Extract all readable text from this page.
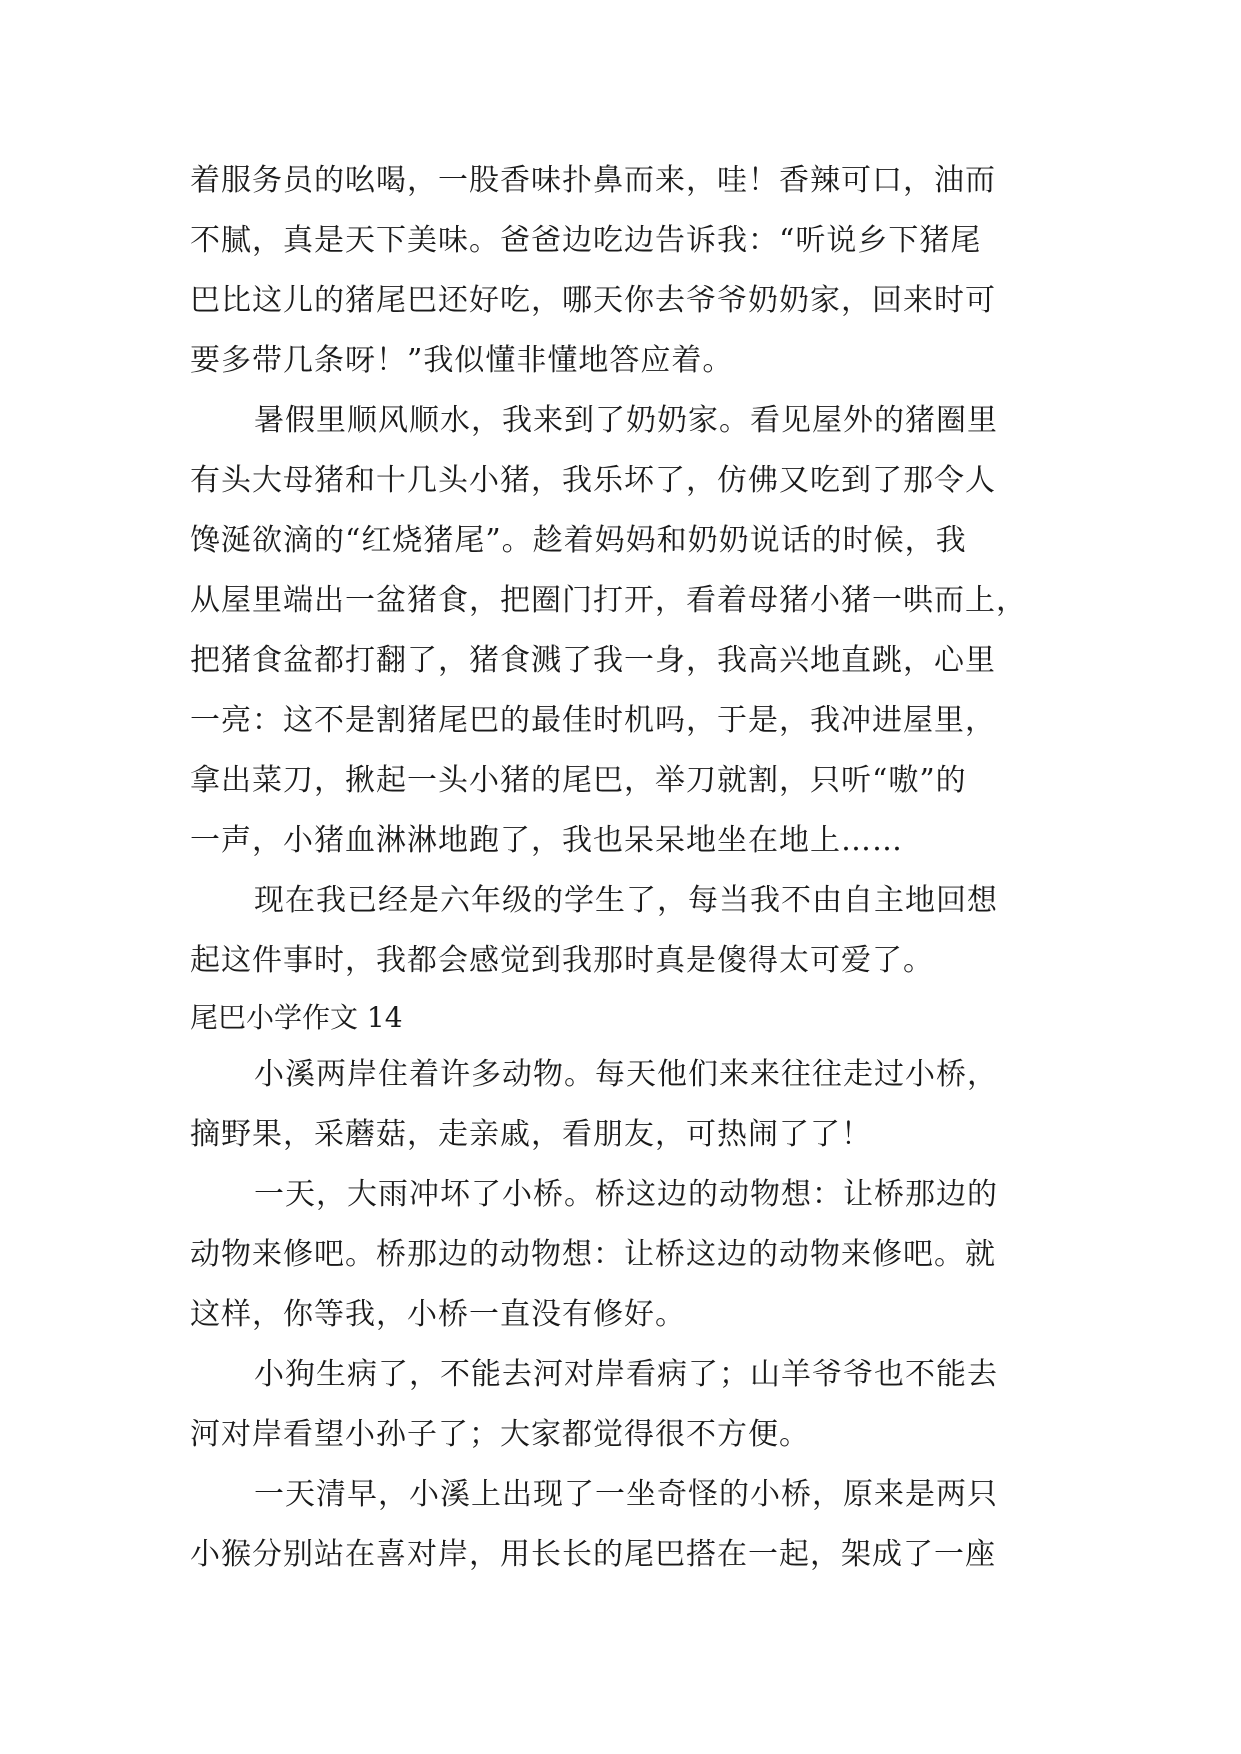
着服务员的吆喝，一股香味扑鼻而来，哇！香辣可口，油而
不腻，真是天下美味。爸爸边吃边告诉我：“听说乡下猪尾
巴比这儿的猪尾巴还好吃，哪天你去爷爷奶奶家，回来时可
要多带几条呀！”我似懂非懂地答应着。
暑假里顺风顺水，我来到了奶奶家。看见屋外的猪圈里
有头大母猪和十几头小猪，我乐坏了，仿佛又吃到了那令人
馋涎欲滴的“红烧猪尾”。趁着妈妈和奶奶说话的时候，我
从屋里端出一盆猪食，把圈门打开，看着母猪小猪一哄而上，
把猪食盆都打翻了，猪食溅了我一身，我高兴地直跳，心里
一亮：这不是割猪尾巴的最佳时机吗，于是，我冲进屋里，
拿出菜刀，揪起一头小猪的尾巴，举刀就割，只听“嗷”的
一声，小猪血淋淋地跑了，我也呆呆地坐在地上……
现在我已经是六年级的学生了，每当我不由自主地回想
起这件事时，我都会感觉到我那时真是傻得太可爱了。
尾巴小学作文 14
小溪两岸住着许多动物。每天他们来来往往走过小桥，
摘野果，采蘑菇，走亲戚，看朋友，可热闹了了！
一天，大雨冲坏了小桥。桥这边的动物想：让桥那边的
动物来修吧。桥那边的动物想：让桥这边的动物来修吧。就
这样，你等我，小桥一直没有修好。
小狗生病了，不能去河对岸看病了；山羊爷爷也不能去
河对岸看望小孙子了；大家都觉得很不方便。
一天清早，小溪上出现了一坐奇怪的小桥，原来是两只
小猴分别站在喜对岸，用长长的尾巴搭在一起，架成了一座
